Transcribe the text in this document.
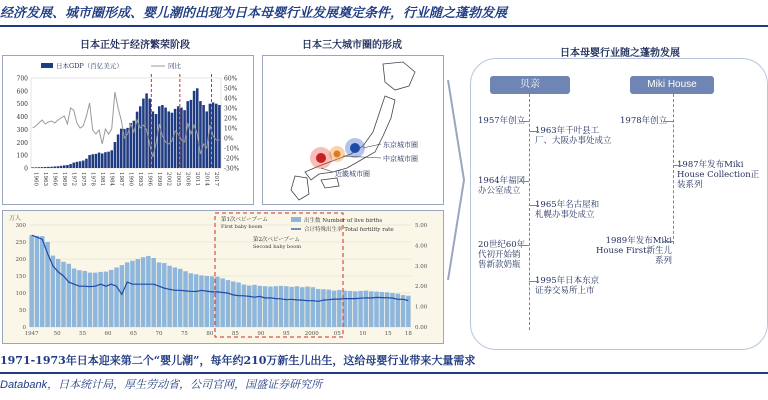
经济发展、城市圈形成、婴儿潮的出现为日本母婴行业发展奠定条件，行业随之蓬勃发展
日本正处于经济繁荣阶段
0
100
200
300
400
500
600
700
-30%
-20%
-10%
0%
10%
20%
30%
40%
50%
60%
1960 1963 1966 1969 1972 1975 1978 1981 1984 1987 1990 1993 1996 1999 2002 2005 2008 2011 2014 2017
日本GDP（百亿美元）	同比
日本三大城市圈的形成
东京城市圈
中京城市圈
近畿城市圈
万人
0
50
100
150
200
250
300
0.00
1.00
2.00
3.00
4.00
5.00
1947	50	55	60	65	70	75	80	85	90	95	2000	05	10	15 18
出生数 Number of live births
合计特殊出生率 Total fertility rate
第1次ベビーブーム
First baby boom
第2次ベビーブーム
Second baby boom
日本母婴行业随之蓬勃发展
贝亲	Miki House
1957年创立
1963年千叶县工厂、大阪办事处成立
1964年福冈办公室成立
1965年名古屋和札幌办事处成立
20世纪60年代初开始销售新款奶瓶
1995年日本东京证券交易所上市
1978年创立
1987年发布Miki House Collection正装系列
1989年发布Miki House First新生儿系列
1971-1973年日本迎来第二个“婴儿潮”，每年约210万新生儿出生，这给母婴行业带来大量需求
Databank，日本统计局，厚生劳动省，公司官网，国盛证券研究所
